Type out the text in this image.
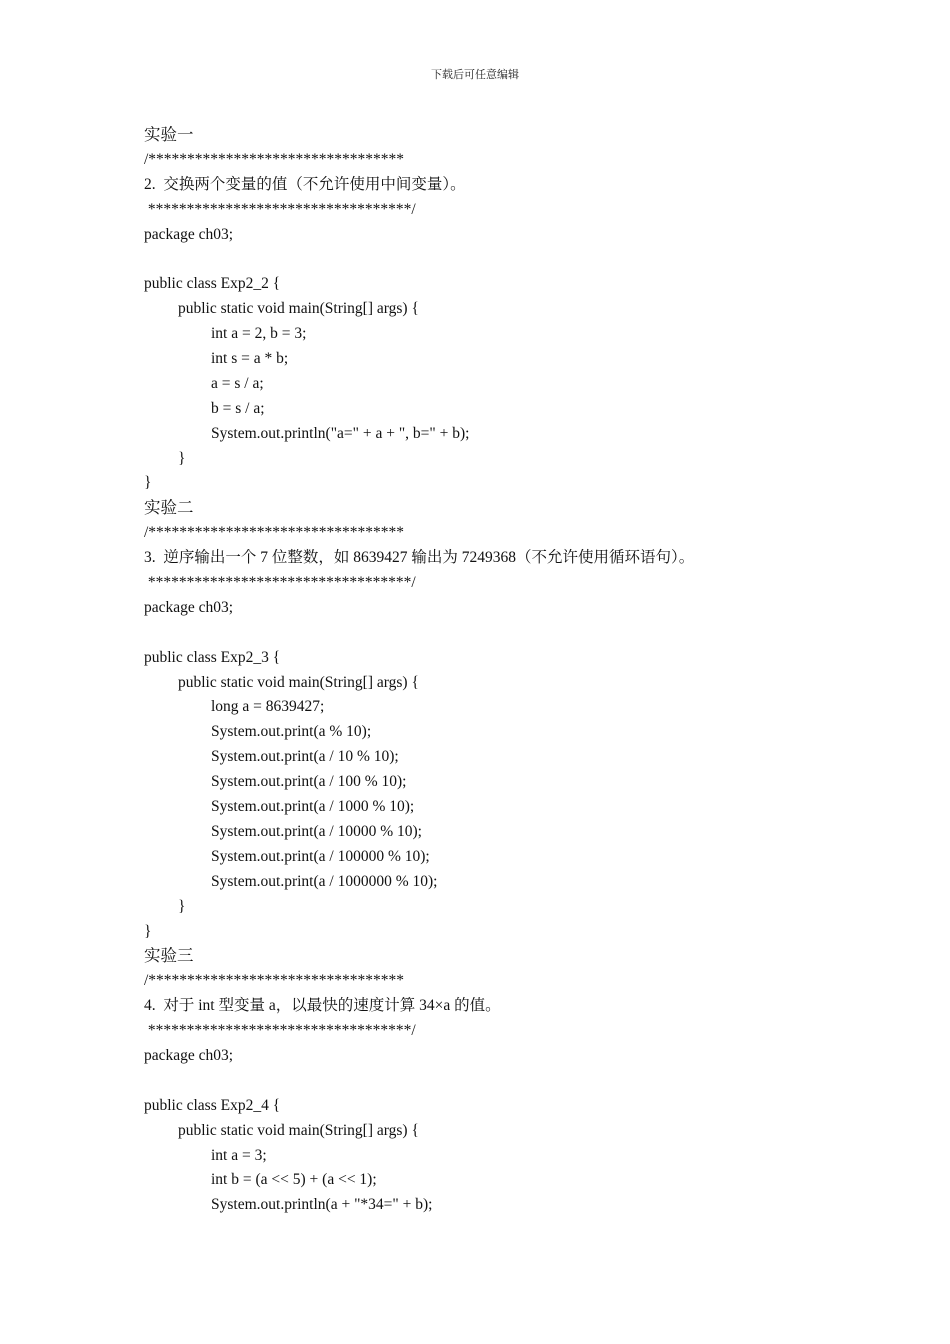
下载后可任意编辑
实验一
/*********************************
2.  交换两个变量的值（不允许使用中间变量）。
**********************************/
package ch03;
public class Exp2_2 {
public static void main(String[] args) {
int a = 2, b = 3;
int s = a * b;
a = s / a;
b = s / a;
System.out.println("a=" + a + ", b=" + b);
}
}
实验二
/*********************************
3.  逆序输出一个 7 位整数，如 8639427 输出为 7249368（不允许使用循环语句）。
**********************************/
package ch03;
public class Exp2_3 {
public static void main(String[] args) {
long a = 8639427;
System.out.print(a % 10);
System.out.print(a / 10 % 10);
System.out.print(a / 100 % 10);
System.out.print(a / 1000 % 10);
System.out.print(a / 10000 % 10);
System.out.print(a / 100000 % 10);
System.out.print(a / 1000000 % 10);
}
}
实验三
/*********************************
4.  对于 int 型变量 a，以最快的速度计算 34×a 的值。
**********************************/
package ch03;
public class Exp2_4 {
public static void main(String[] args) {
int a = 3;
int b = (a << 5) + (a << 1);
System.out.println(a + "*34=" + b);
